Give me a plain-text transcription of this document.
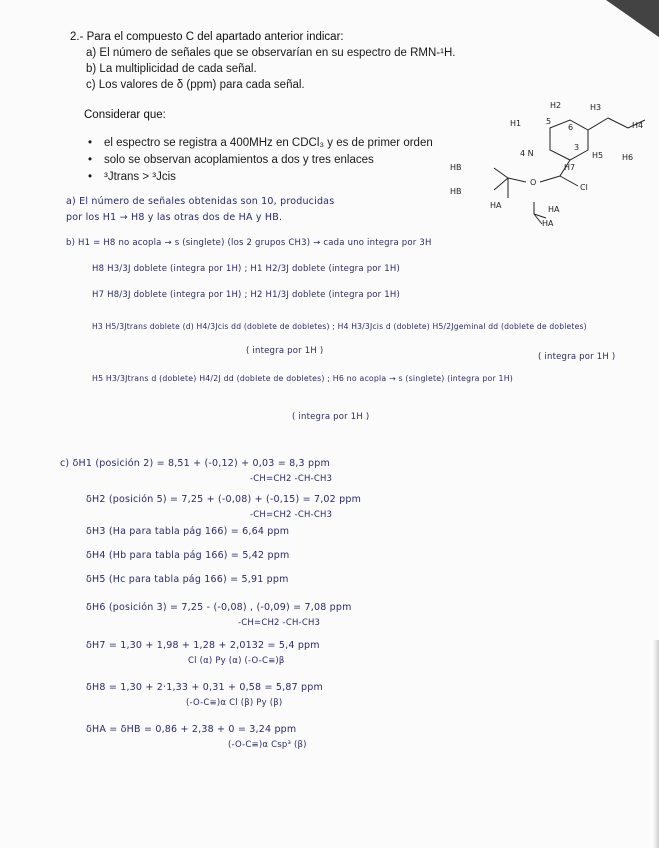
2.- Para el compuesto C del apartado anterior indicar:
a) El número de señales que se observarían en su espectro de RMN-¹H.
b) La multiplicidad de cada señal.
c) Los valores de δ (ppm) para cada señal.
Considerar que:
• el espectro se registra a 400MHz en CDCl₃ y es de primer orden
• solo se observan acoplamientos a dos y tres enlaces
• ³Jtrans > ³Jcis
H2	H3
H1	5
6	H4
3
4 N	H5 H6
HB	H7
O
Cl
HB
HA	HA
HA
a) El número de señales obtenidas son 10, producidas
por los H1 → H8 y las otras dos de HA y HB.
b) H1 = H8 no acopla → s (singlete) (los 2 grupos CH3) → cada uno integra por 3H
H8 H3/3J doblete (integra por 1H) ; H1 H2/3J doblete (integra por 1H)
H7 H8/3J doblete (integra por 1H) ; H2 H1/3J doblete (integra por 1H)
H3 H5/3Jtrans doblete (d) H4/3Jcis dd (doblete de dobletes) ; H4 H3/3Jcis d (doblete) H5/2Jgeminal dd (doblete de dobletes)
( integra por 1H )
( integra por 1H )
H5 H3/3Jtrans d (doblete) H4/2J dd (doblete de dobletes) ; H6 no acopla → s (singlete) (integra por 1H)
( integra por 1H )
c) δH1 (posición 2) = 8,51 + (-0,12) + 0,03 = 8,3 ppm
-CH=CH2 -CH-CH3
δH2 (posición 5) = 7,25 + (-0,08) + (-0,15) = 7,02 ppm
-CH=CH2 -CH-CH3
δH3 (Ha para tabla pág 166) = 6,64 ppm
δH4 (Hb para tabla pág 166) = 5,42 ppm
δH5 (Hc para tabla pág 166) = 5,91 ppm
δH6 (posición 3) = 7,25 - (-0,08) , (-0,09) = 7,08 ppm
-CH=CH2 -CH-CH3
δH7 = 1,30 + 1,98 + 1,28 + 2,0132 = 5,4 ppm
Cl (α) Py (α) (-O-C≡)β
δH8 = 1,30 + 2·1,33 + 0,31 + 0,58 = 5,87 ppm
(-O-C≡)α Cl (β) Py (β)
δHA = δHB = 0,86 + 2,38 + 0 = 3,24 ppm
(-O-C≡)α Csp³ (β)
